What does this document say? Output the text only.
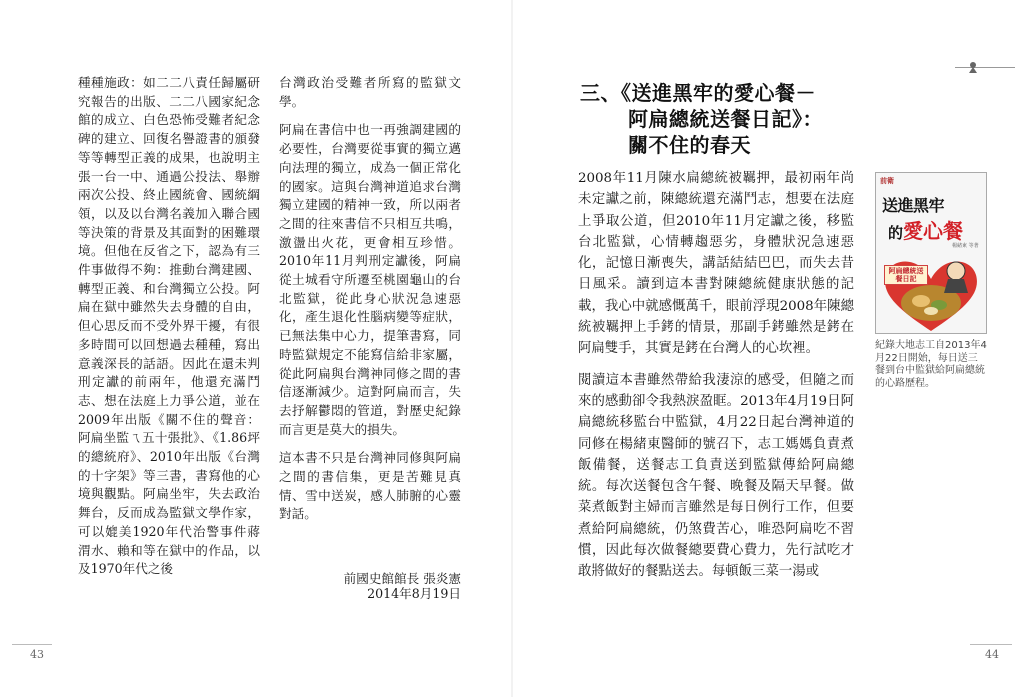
種種施政：如二二八責任歸屬研究報告的出版、二二八國家紀念館的成立、白色恐怖受難者紀念碑的建立、回復名譽證書的頒發等等轉型正義的成果，也說明主張一台一中、通過公投法、舉辦兩次公投、終止國統會、國統綱領，以及以台灣名義加入聯合國等決策的背景及其面對的困難環境。但他在反省之下，認為有三件事做得不夠：推動台灣建國、轉型正義、和台灣獨立公投。阿扁在獄中雖然失去身體的自由，但心思反而不受外界干擾，有很多時間可以回想過去種種，寫出意義深長的話語。因此在還未判刑定讞的前兩年，他還充滿鬥志、想在法庭上力爭公道，並在2009年出版《關不住的聲音：阿扁坐監ㄟ五十張批》、《1.86坪的總統府》、2010年出版《台灣的十字架》等三書，書寫他的心境與觀點。阿扁坐牢，失去政治舞台，反而成為監獄文學作家，可以媲美1920年代治警事件蔣渭水、賴和等在獄中的作品，以及1970年代之後

台灣政治受難者所寫的監獄文學。

阿扁在書信中也一再強調建國的必要性，台灣要從事實的獨立邁向法理的獨立，成為一個正常化的國家。這與台灣神道追求台灣獨立建國的精神一致，所以兩者之間的往來書信不只相互共鳴，激盪出火花，更會相互珍惜。2010年11月判刑定讞後，阿扁從土城看守所遷至桃園龜山的台北監獄，從此身心狀況急速惡化，產生退化性腦病變等症狀，已無法集中心力，提筆書寫，同時監獄規定不能寫信給非家屬，從此阿扁與台灣神同修之間的書信逐漸減少。這對阿扁而言，失去抒解鬱悶的管道，對歷史紀錄而言更是莫大的損失。

這本書不只是台灣神同修與阿扁之間的書信集，更是苦難見真情、雪中送炭，感人肺腑的心靈對話。

前國史館館長 張炎憲
2014年8月19日
43
三、《送進黑牢的愛心餐－
阿扁總統送餐日記》：
關不住的春天

2008年11月陳水扁總統被羈押，最初兩年尚未定讞之前，陳總統還充滿鬥志，想要在法庭上爭取公道，但2010年11月定讞之後，移監台北監獄，心情轉趨惡劣，身體狀況急速惡化，記憶日漸喪失，講話結結巴巴，而失去昔日風采。讀到這本書對陳總統健康狀態的記載，我心中就感慨萬千，眼前浮現2008年陳總統被羈押上手銬的情景，那副手銬雖然是銬在阿扁雙手，其實是銬在台灣人的心坎裡。

閱讀這本書雖然帶給我淒涼的感受，但隨之而來的感動卻令我熱淚盈眶。2013年4月19日阿扁總統移監台中監獄，4月22日起台灣神道的同修在楊緒東醫師的號召下，志工媽媽負責煮飯備餐，送餐志工負責送到監獄傳給阿扁總統。每次送餐包含午餐、晚餐及隔天早餐。做菜煮飯對主婦而言雖然是每日例行工作，但要煮給阿扁總統，仍煞費苦心，唯恐阿扁吃不習慣，因此每次做餐總要費心費力，先行試吃才敢將做好的餐點送去。每頓飯三菜一湯或

前衛
送進黑牢
的愛心餐
楊緒東 等著
阿扁總統送餐日記
紀錄大地志工自2013年4月22日開始，每日送三餐到台中監獄給阿扁總統的心路歷程。
44
